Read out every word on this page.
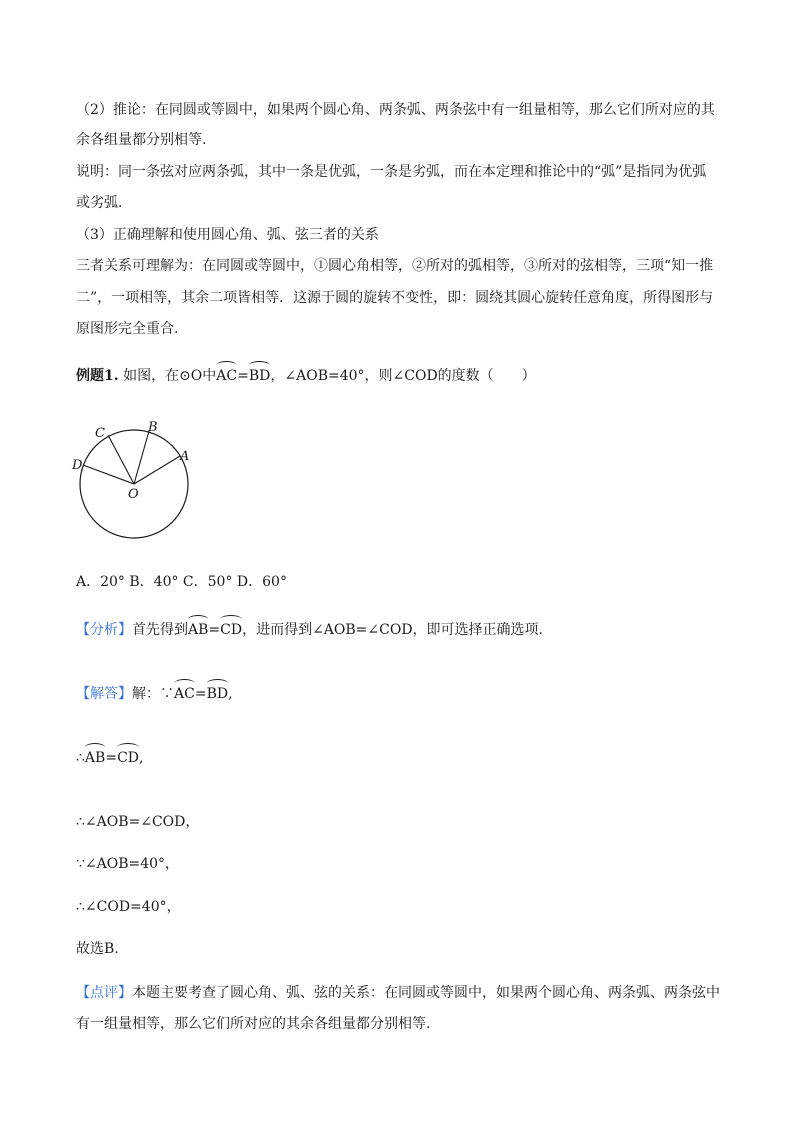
（2）推论：在同圆或等圆中，如果两个圆心角、两条弧、两条弦中有一组量相等，那么它们所对应的其
余各组量都分别相等.
说明：同一条弦对应两条弧，其中一条是优弧，一条是劣弧，而在本定理和推论中的“弧”是指同为优弧
或劣弧.
（3）正确理解和使用圆心角、弧、弦三者的关系
三者关系可理解为：在同圆或等圆中，①圆心角相等，②所对的弧相等，③所对的弦相等，三项“知一推
二”，一项相等，其余二项皆相等．这源于圆的旋转不变性，即：圆绕其圆心旋转任意角度，所得图形与
原图形完全重合.
例题1. 如图，在⊙O中AC=BD，∠AOB=40°，则∠COD的度数（　　）
C	B
A
D
O
A．20° B．40° C．50° D．60°
【分析】首先得到AB=CD，进而得到∠AOB=∠COD，即可选择正确选项.
【解答】解：∵AC=BD,
∴AB=CD,
∴∠AOB=∠COD，
∵∠AOB=40°，
∴∠COD=40°，
故选B.
【点评】本题主要考查了圆心角、弧、弦的关系：在同圆或等圆中，如果两个圆心角、两条弧、两条弦中
有一组量相等，那么它们所对应的其余各组量都分别相等.
